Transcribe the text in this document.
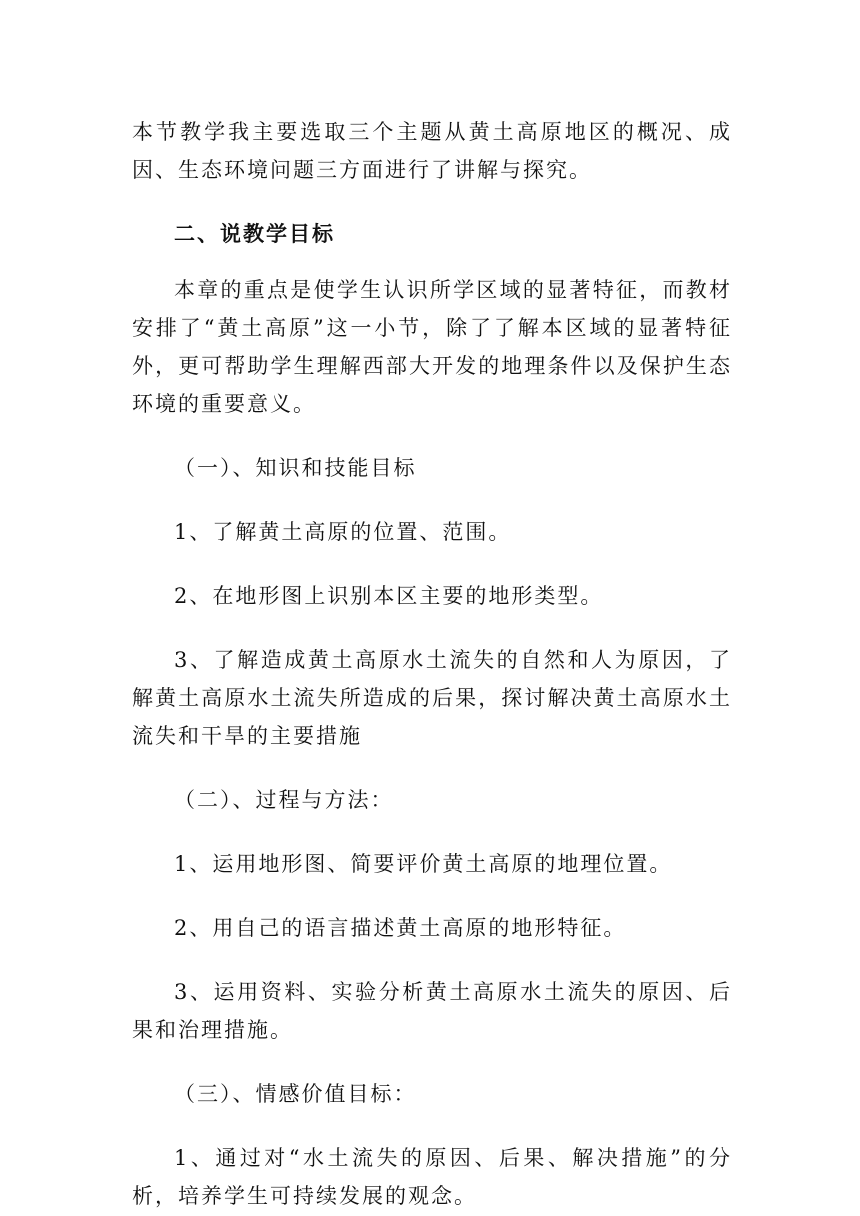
本节教学我主要选取三个主题从黄土高原地区的概况、成因、生态环境问题三方面进行了讲解与探究。

二、说教学目标

本章的重点是使学生认识所学区域的显著特征，而教材安排了“黄土高原”这一小节，除了了解本区域的显著特征外，更可帮助学生理解西部大开发的地理条件以及保护生态环境的重要意义。

（一）、知识和技能目标

1、了解黄土高原的位置、范围。

2、在地形图上识别本区主要的地形类型。

3、了解造成黄土高原水土流失的自然和人为原因，了解黄土高原水土流失所造成的后果，探讨解决黄土高原水土流失和干旱的主要措施

（二）、过程与方法：

1、运用地形图、简要评价黄土高原的地理位置。

2、用自己的语言描述黄土高原的地形特征。

3、运用资料、实验分析黄土高原水土流失的原因、后果和治理措施。

（三）、情感价值目标：

1、通过对“水土流失的原因、后果、解决措施”的分析，培养学生可持续发展的观念。
